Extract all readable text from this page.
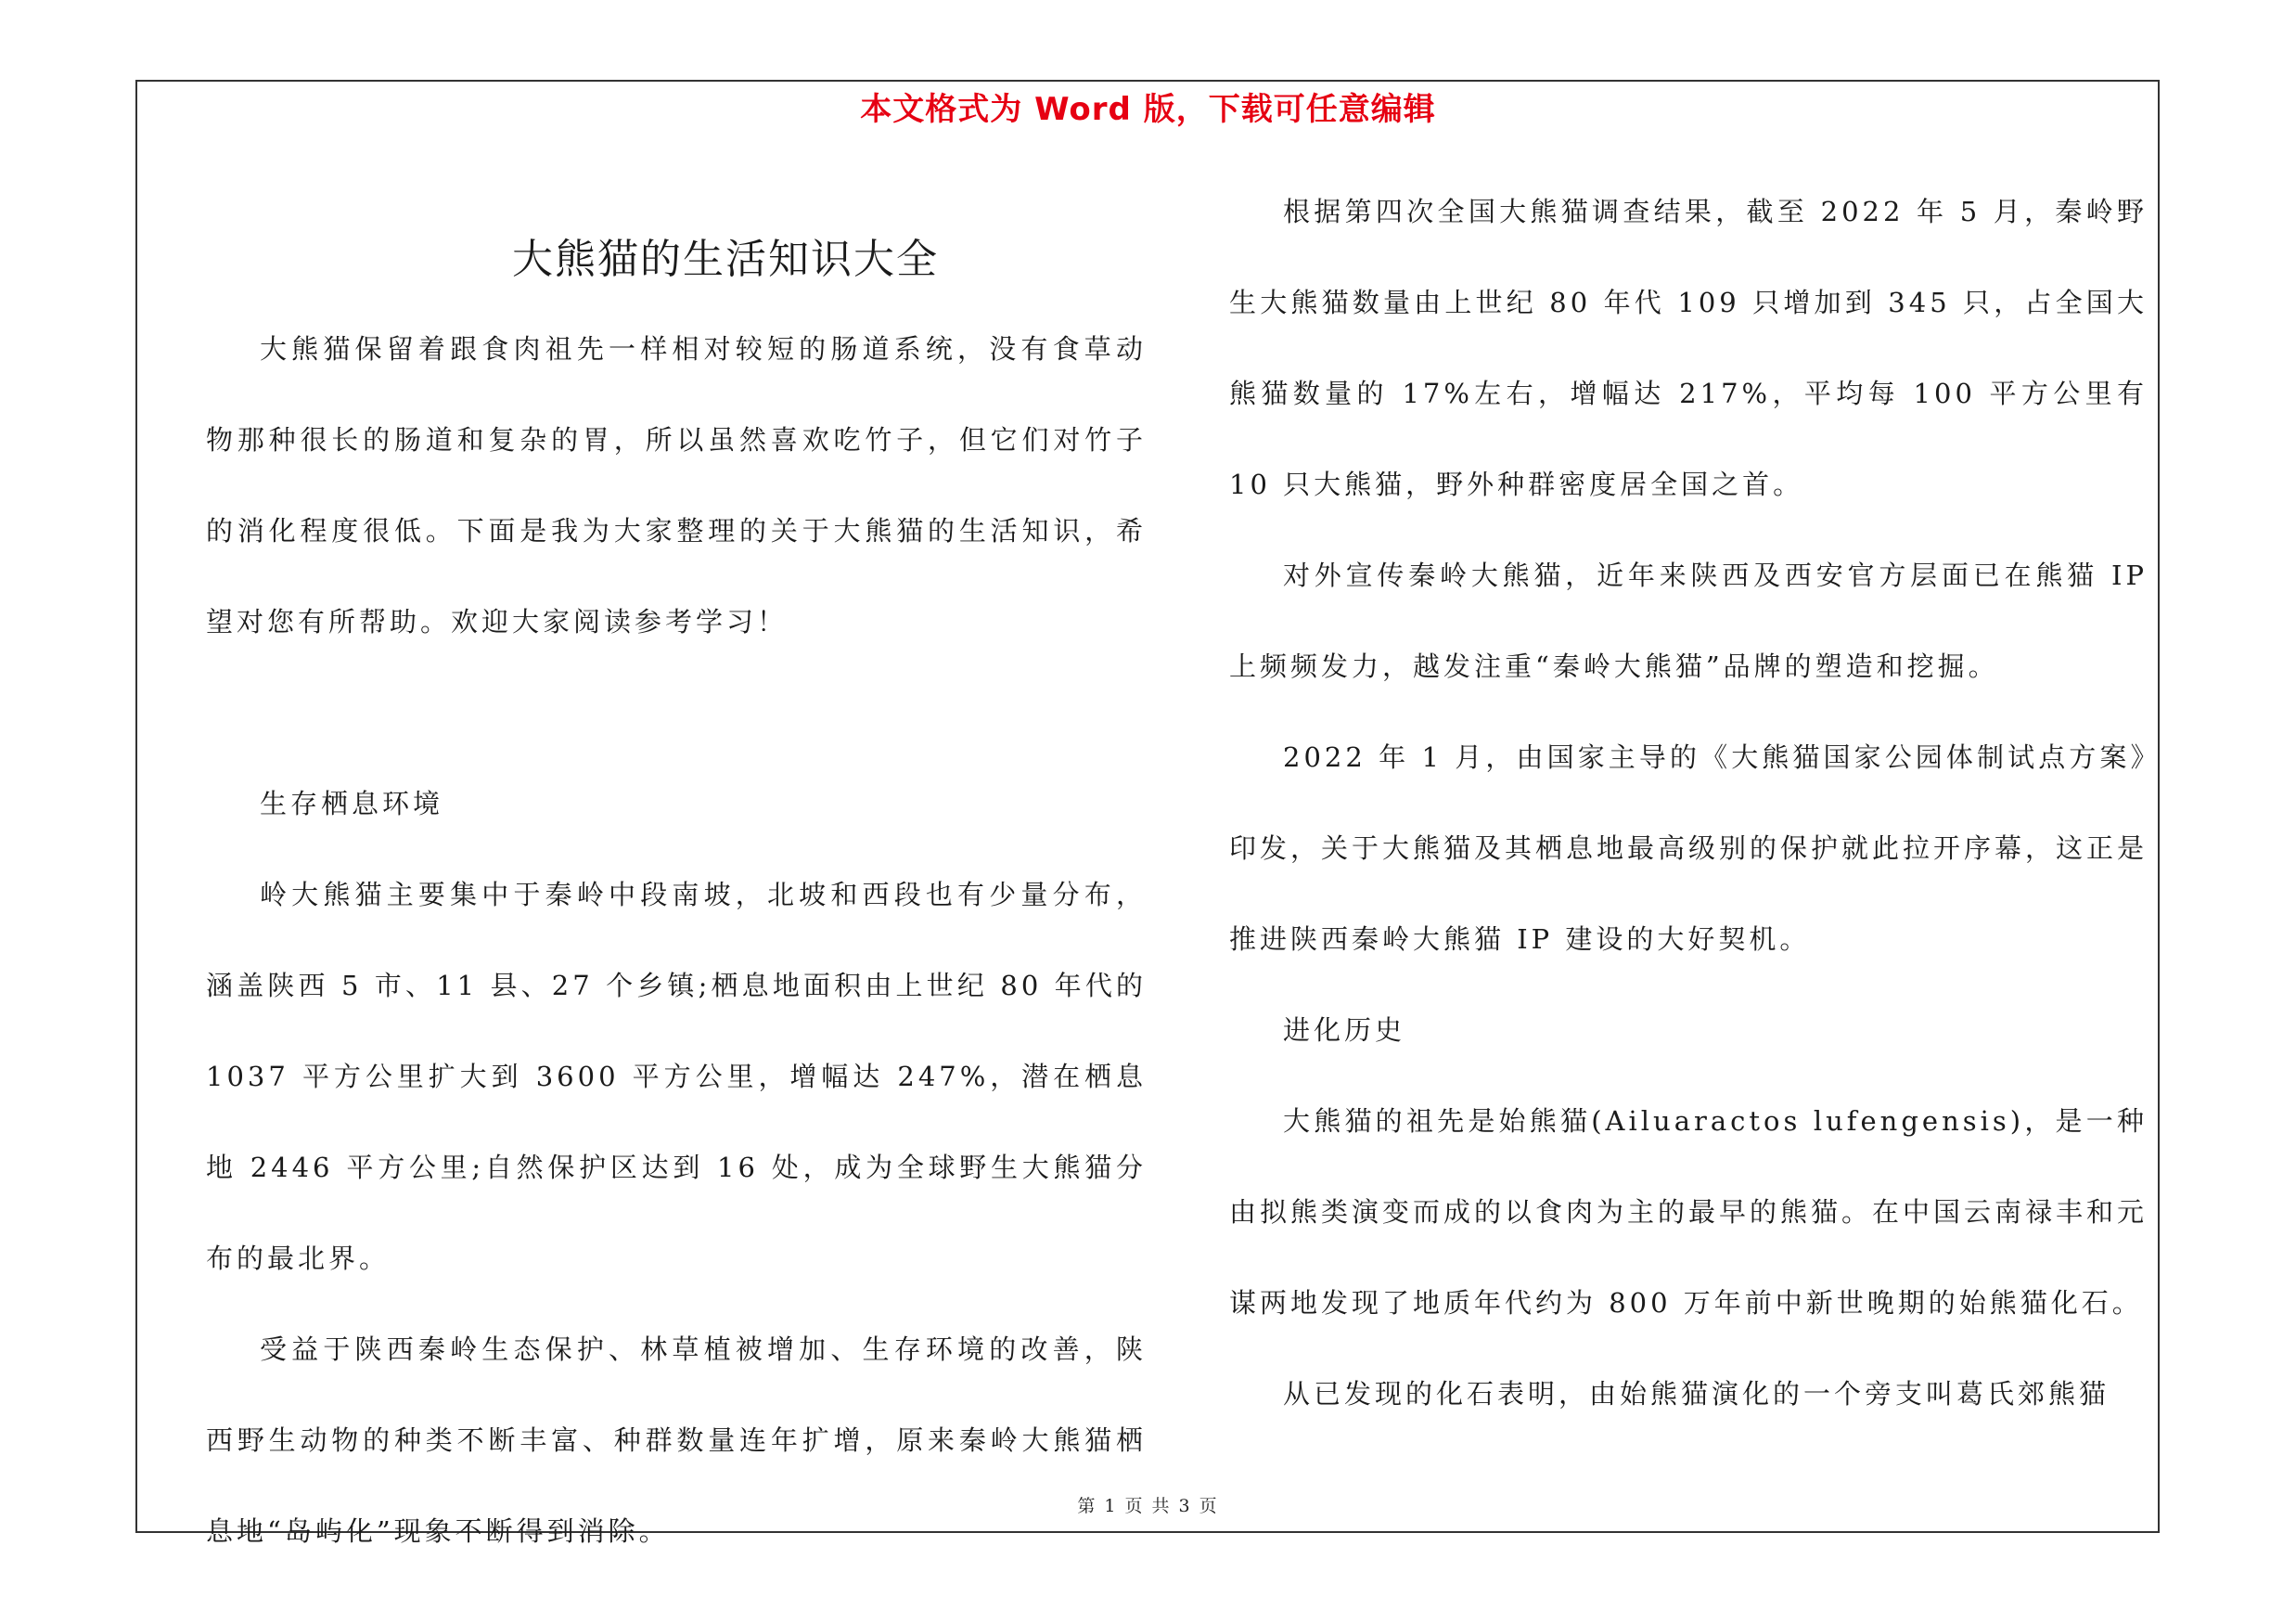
本文格式为 Word 版，下载可任意编辑
大熊猫的生活知识大全

大熊猫保留着跟食肉祖先一样相对较短的肠道系统，没有食草动物那种很长的肠道和复杂的胃，所以虽然喜欢吃竹子，但它们对竹子的消化程度很低。下面是我为大家整理的关于大熊猫的生活知识，希望对您有所帮助。欢迎大家阅读参考学习！

生存栖息环境

岭大熊猫主要集中于秦岭中段南坡，北坡和西段也有少量分布，涵盖陕西 5 市、11 县、27 个乡镇;栖息地面积由上世纪 80 年代的 1037 平方公里扩大到 3600 平方公里，增幅达 247%，潜在栖息地 2446 平方公里;自然保护区达到 16 处，成为全球野生大熊猫分布的最北界。

受益于陕西秦岭生态保护、林草植被增加、生存环境的改善，陕西野生动物的种类不断丰富、种群数量连年扩增，原来秦岭大熊猫栖息地“岛屿化”现象不断得到消除。

根据第四次全国大熊猫调查结果，截至 2022 年 5 月，秦岭野生大熊猫数量由上世纪 80 年代 109 只增加到 345 只，占全国大熊猫数量的 17%左右，增幅达 217%，平均每 100 平方公里有 10 只大熊猫，野外种群密度居全国之首。

对外宣传秦岭大熊猫，近年来陕西及西安官方层面已在熊猫 IP 上频频发力，越发注重“秦岭大熊猫”品牌的塑造和挖掘。

2022 年 1 月，由国家主导的《大熊猫国家公园体制试点方案》印发，关于大熊猫及其栖息地最高级别的保护就此拉开序幕，这正是推进陕西秦岭大熊猫 IP 建设的大好契机。

进化历史

大熊猫的祖先是始熊猫(Ailuaractos lufengensis)，是一种由拟熊类演变而成的以食肉为主的最早的熊猫。在中国云南禄丰和元谋两地发现了地质年代约为 800 万年前中新世晚期的始熊猫化石。

从已发现的化石表明，由始熊猫演化的一个旁支叫葛氏郊熊猫

第 1 页 共 3 页
